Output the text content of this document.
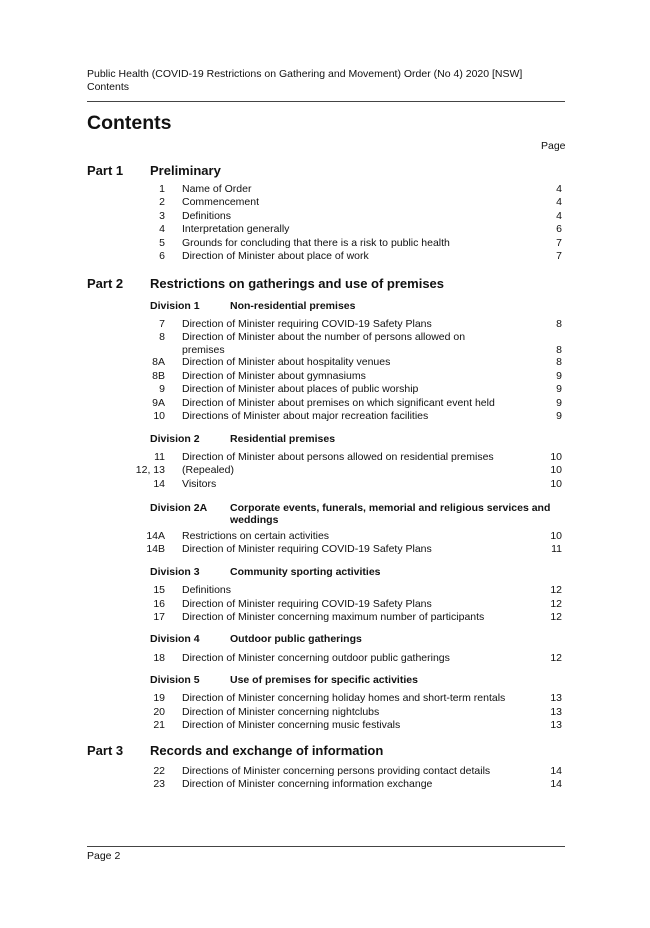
Public Health (COVID-19 Restrictions on Gathering and Movement) Order (No 4) 2020 [NSW]
Contents
Contents
Page
Part 1 Preliminary
1 Name of Order	4
2 Commencement	4
3 Definitions	4
4 Interpretation generally	6
5 Grounds for concluding that there is a risk to public health	7
6 Direction of Minister about place of work	7
Part 2 Restrictions on gatherings and use of premises
Division 1	Non-residential premises
7 Direction of Minister requiring COVID-19 Safety Plans	8
8 Direction of Minister about the number of persons allowed on premises	8
8A Direction of Minister about hospitality venues	8
8B Direction of Minister about gymnasiums	9
9 Direction of Minister about places of public worship	9
9A Direction of Minister about premises on which significant event held	9
10 Directions of Minister about major recreation facilities	9
Division 2	Residential premises
11 Direction of Minister about persons allowed on residential premises	10
12, 13 (Repealed)	10
14 Visitors	10
Division 2A Corporate events, funerals, memorial and religious services and weddings
14A Restrictions on certain activities	10
14B Direction of Minister requiring COVID-19 Safety Plans	11
Division 3	Community sporting activities
15 Definitions	12
16 Direction of Minister requiring COVID-19 Safety Plans	12
17 Direction of Minister concerning maximum number of participants	12
Division 4	Outdoor public gatherings
18 Direction of Minister concerning outdoor public gatherings	12
Division 5	Use of premises for specific activities
19 Direction of Minister concerning holiday homes and short-term rentals	13
20 Direction of Minister concerning nightclubs	13
21 Direction of Minister concerning music festivals	13
Part 3 Records and exchange of information
22 Directions of Minister concerning persons providing contact details	14
23 Direction of Minister concerning information exchange	14
Page 2
